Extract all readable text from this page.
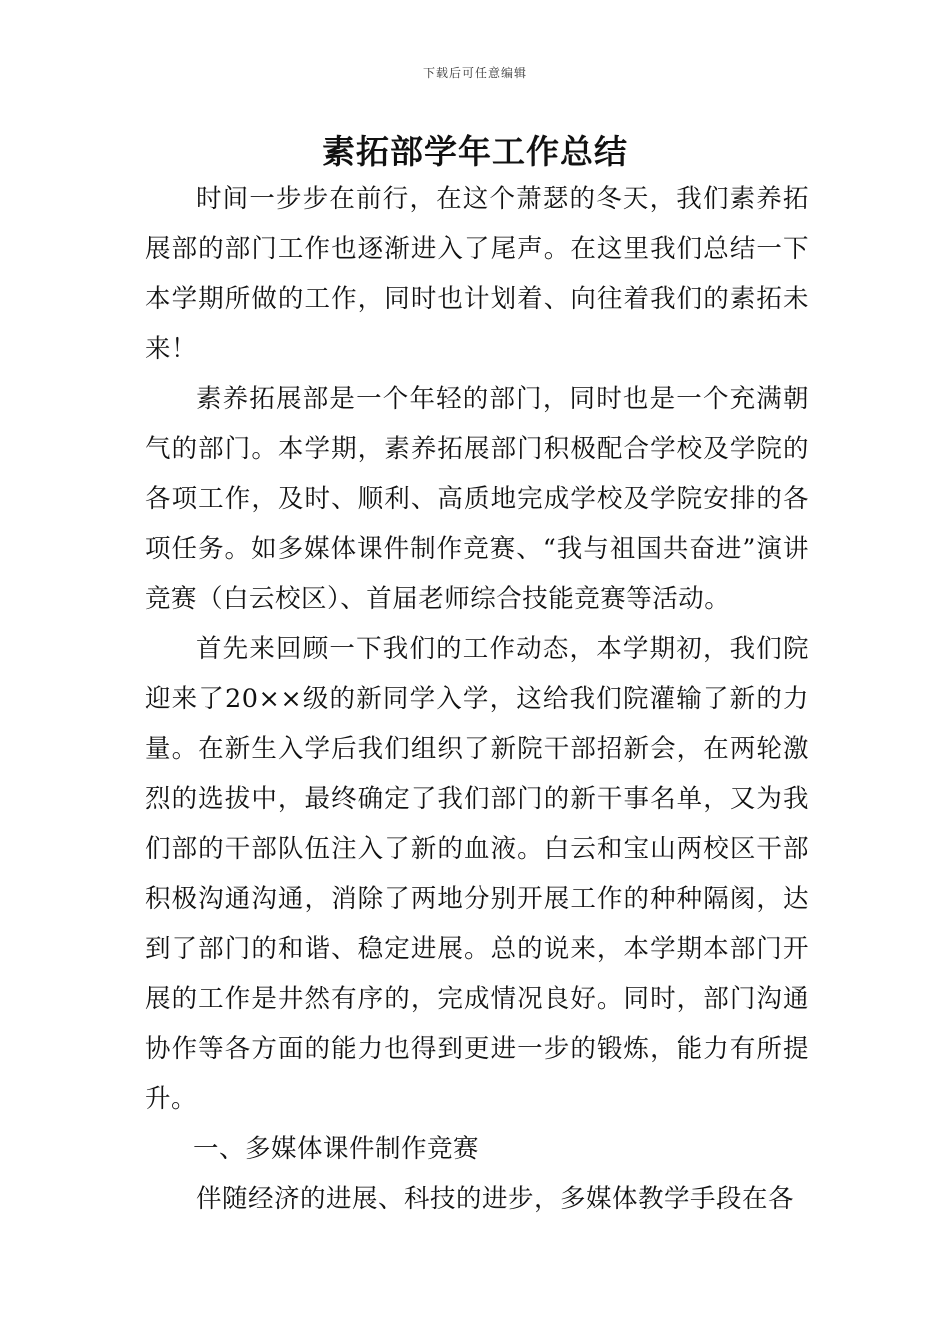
下载后可任意编辑
素拓部学年工作总结

时间一步步在前行，在这个萧瑟的冬天，我们素养拓展部的部门工作也逐渐进入了尾声。在这里我们总结一下本学期所做的工作，同时也计划着、向往着我们的素拓未来！

素养拓展部是一个年轻的部门，同时也是一个充满朝气的部门。本学期，素养拓展部门积极配合学校及学院的各项工作，及时、顺利、高质地完成学校及学院安排的各项任务。如多媒体课件制作竞赛、“我与祖国共奋进”演讲竞赛（白云校区）、首届老师综合技能竞赛等活动。

首先来回顾一下我们的工作动态，本学期初，我们院迎来了20××级的新同学入学，这给我们院灌输了新的力量。在新生入学后我们组织了新院干部招新会，在两轮激烈的选拔中，最终确定了我们部门的新干事名单，又为我们部的干部队伍注入了新的血液。白云和宝山两校区干部积极沟通沟通，消除了两地分别开展工作的种种隔阂，达到了部门的和谐、稳定进展。总的说来，本学期本部门开展的工作是井然有序的，完成情况良好。同时，部门沟通协作等各方面的能力也得到更进一步的锻炼，能力有所提升。

一、多媒体课件制作竞赛

伴随经济的进展、科技的进步，多媒体教学手段在各
